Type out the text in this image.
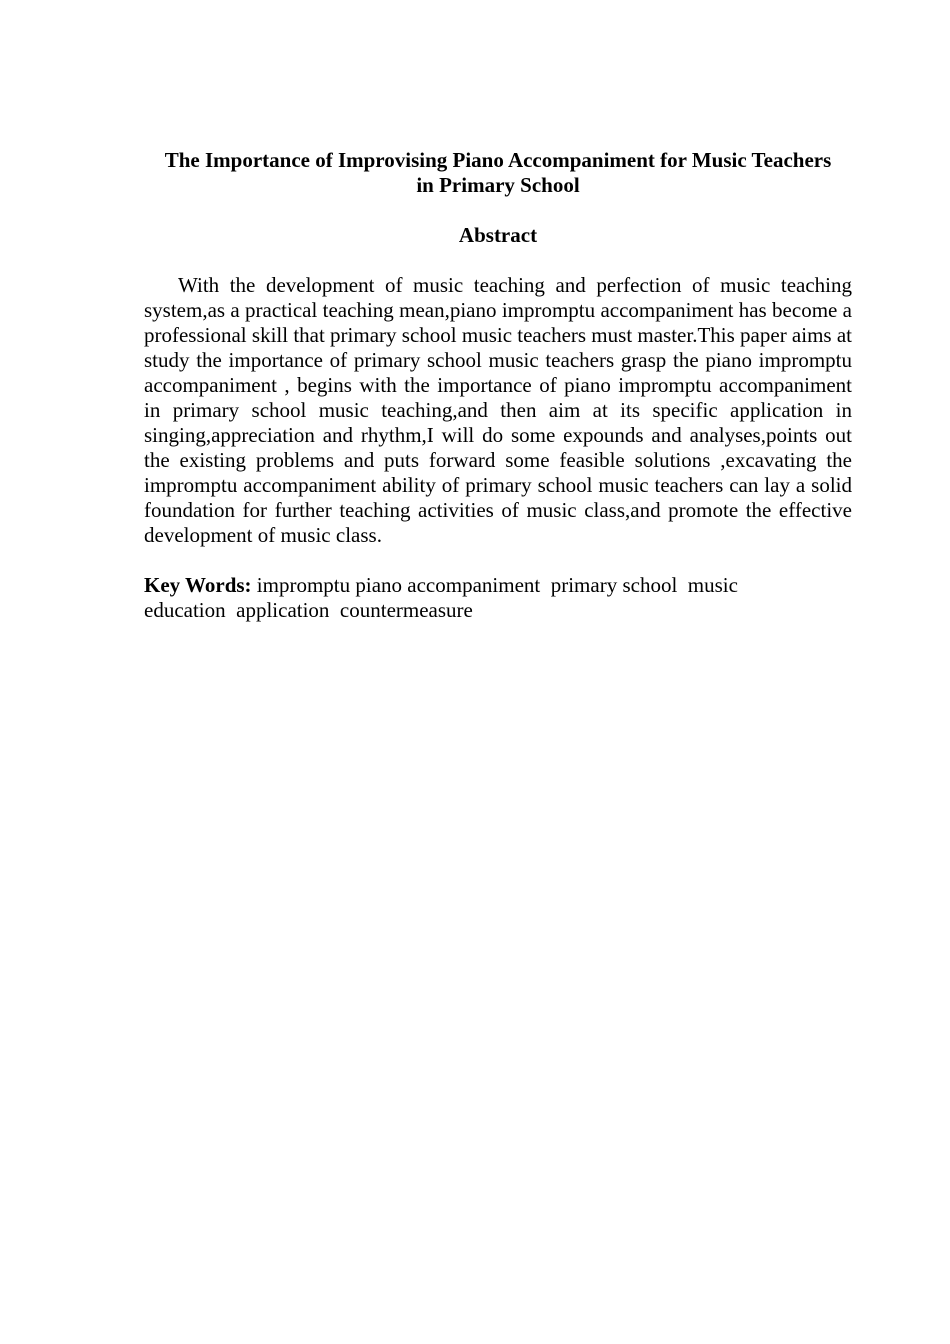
The Importance of Improvising Piano Accompaniment for Music Teachers in Primary School
Abstract

With the development of music teaching and perfection of music teaching system,as a practical teaching mean,piano impromptu accompaniment has become a professional skill that primary school music teachers must master.This paper aims at study the importance of primary school music teachers grasp the piano impromptu accompaniment , begins with the importance of piano impromptu accompaniment in primary school music teaching,and then aim at its specific application in singing,appreciation and rhythm,I will do some expounds and analyses,points out the existing problems and puts forward some feasible solutions ,excavating the impromptu accompaniment ability of primary school music teachers can lay a solid foundation for further teaching activities of music class,and promote the effective development of music class.

Key Words: impromptu piano accompaniment  primary school  music education  application  countermeasure
